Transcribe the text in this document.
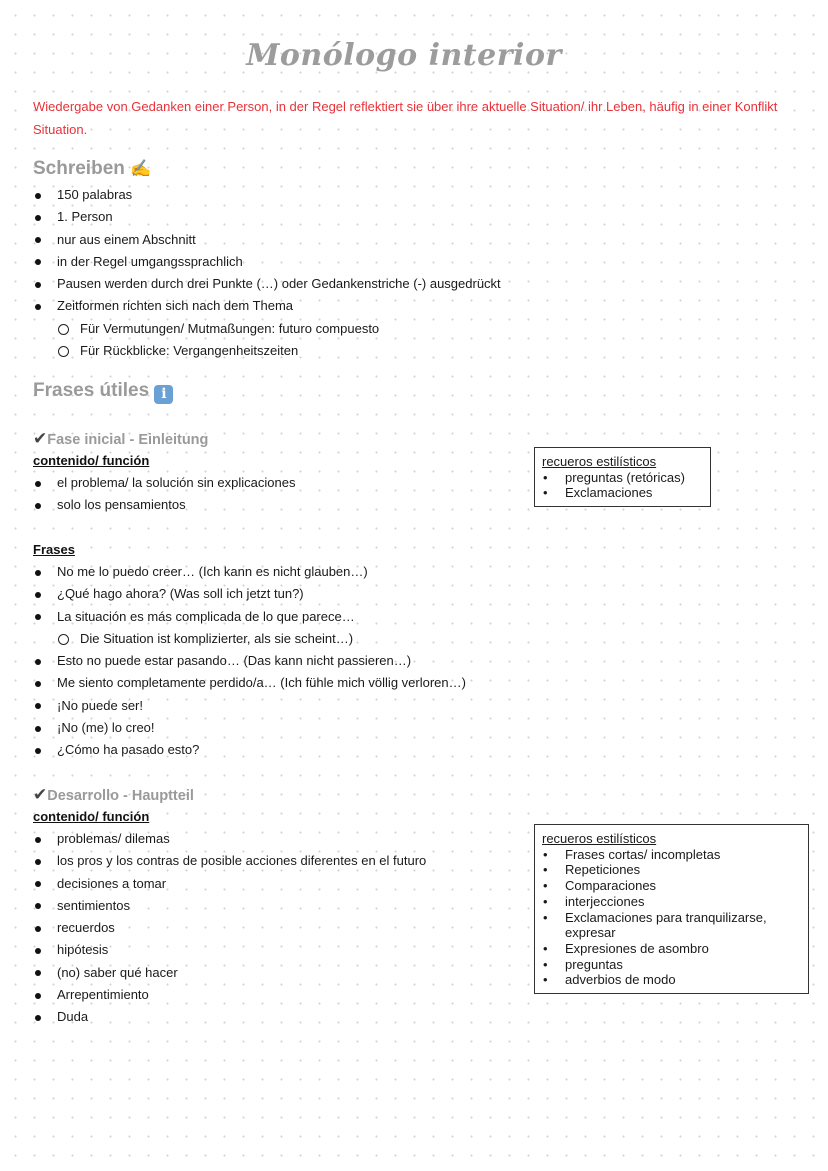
Monólogo interior
Wiedergabe von Gedanken einer Person, in der Regel reflektiert sie über ihre aktuelle Situation/ ihr Leben, häufig in einer Konflikt Situation.
Schreiben ✍
150 palabras
1. Person
nur aus einem Abschnitt
in der Regel umgangssprachlich
Pausen werden durch drei Punkte (…) oder Gedankenstriche (-) ausgedrückt
Zeitformen richten sich nach dem Thema
Für Vermutungen/ Mutmaßungen: futuro compuesto
Für Rückblicke: Vergangenheitszeiten
Frases útiles i
✔Fase inicial - Einleitung
contenido/ función
el problema/ la solución sin explicaciones
solo los pensamientos
recueros estilísticos
• preguntas (retóricas)
• Exclamaciones
Frases
No me lo puedo creer… (Ich kann es nicht glauben…)
¿Qué hago ahora? (Was soll ich jetzt tun?)
La situación es más complicada de lo que parece…
Die Situation ist komplizierter, als sie scheint…)
Esto no puede estar pasando… (Das kann nicht passieren…)
Me siento completamente perdido/a… (Ich fühle mich völlig verloren…)
¡No puede ser!
¡No (me) lo creo!
¿Cómo ha pasado esto?
✔Desarrollo - Hauptteil
contenido/ función
problemas/ dilemas
los pros y los contras de posible acciones diferentes en el futuro
decisiones a tomar
sentimientos
recuerdos
hipótesis
(no) saber qué hacer
Arrepentimiento
Duda
recueros estilísticos
• Frases cortas/ incompletas
• Repeticiones
• Comparaciones
• interjecciones
• Exclamaciones para tranquilizarse, expresar
• Expresiones de asombro
• preguntas
• adverbios de modo
